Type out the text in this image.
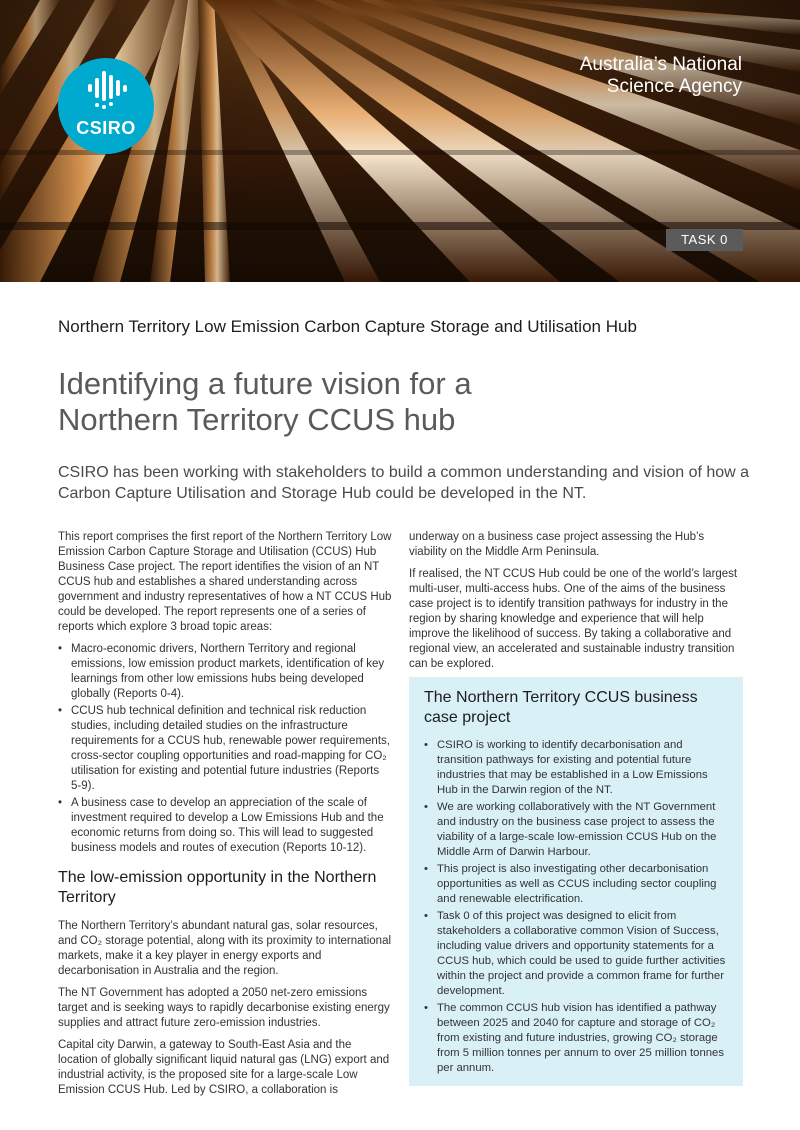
CSIRO
Australia’s National
Science Agency
TASK 0
Northern Territory Low Emission Carbon Capture Storage and Utilisation Hub
Identifying a future vision for a
Northern Territory CCUS hub
CSIRO has been working with stakeholders to build a common understanding and vision of how a Carbon Capture Utilisation and Storage Hub could be developed in the NT.

This report comprises the first report of the Northern Territory Low Emission Carbon Capture Storage and Utilisation (CCUS) Hub Business Case project. The report identifies the vision of an NT CCUS hub and establishes a shared understanding across government and industry representatives of how a NT CCUS Hub could be developed. The report represents one of a series of reports which explore 3 broad topic areas:

• Macro-economic drivers, Northern Territory and regional emissions, low emission product markets, identification of key learnings from other low emissions hubs being developed globally (Reports 0-4).
• CCUS hub technical definition and technical risk reduction studies, including detailed studies on the infrastructure requirements for a CCUS hub, renewable power requirements, cross-sector coupling opportunities and road-mapping for CO₂ utilisation for existing and potential future industries (Reports 5-9).
• A business case to develop an appreciation of the scale of investment required to develop a Low Emissions Hub and the economic returns from doing so. This will lead to suggested business models and routes of execution (Reports 10-12).
The low-emission opportunity in the Northern Territory

The Northern Territory’s abundant natural gas, solar resources, and CO₂ storage potential, along with its proximity to international markets, make it a key player in energy exports and decarbonisation in Australia and the region.

The NT Government has adopted a 2050 net-zero emissions target and is seeking ways to rapidly decarbonise existing energy supplies and attract future zero-emission industries.

Capital city Darwin, a gateway to South-East Asia and the location of globally significant liquid natural gas (LNG) export and industrial activity, is the proposed site for a large-scale Low Emission CCUS Hub. Led by CSIRO, a collaboration is

underway on a business case project assessing the Hub’s viability on the Middle Arm Peninsula.

If realised, the NT CCUS Hub could be one of the world’s largest multi-user, multi-access hubs. One of the aims of the business case project is to identify transition pathways for industry in the region by sharing knowledge and experience that will help improve the likelihood of success. By taking a collaborative and regional view, an accelerated and sustainable industry transition can be explored.

The Northern Territory CCUS business case project
• CSIRO is working to identify decarbonisation and transition pathways for existing and potential future industries that may be established in a Low Emissions Hub in the Darwin region of the NT.
• We are working collaboratively with the NT Government and industry on the business case project to assess the viability of a large-scale low-emission CCUS Hub on the Middle Arm of Darwin Harbour.
• This project is also investigating other decarbonisation opportunities as well as CCUS including sector coupling and renewable electrification.
• Task 0 of this project was designed to elicit from stakeholders a collaborative common Vision of Success, including value drivers and opportunity statements for a CCUS hub, which could be used to guide further activities within the project and provide a common frame for further development.
• The common CCUS hub vision has identified a pathway between 2025 and 2040 for capture and storage of CO₂ from existing and future industries, growing CO₂ storage from 5 million tonnes per annum to over 25 million tonnes per annum.
